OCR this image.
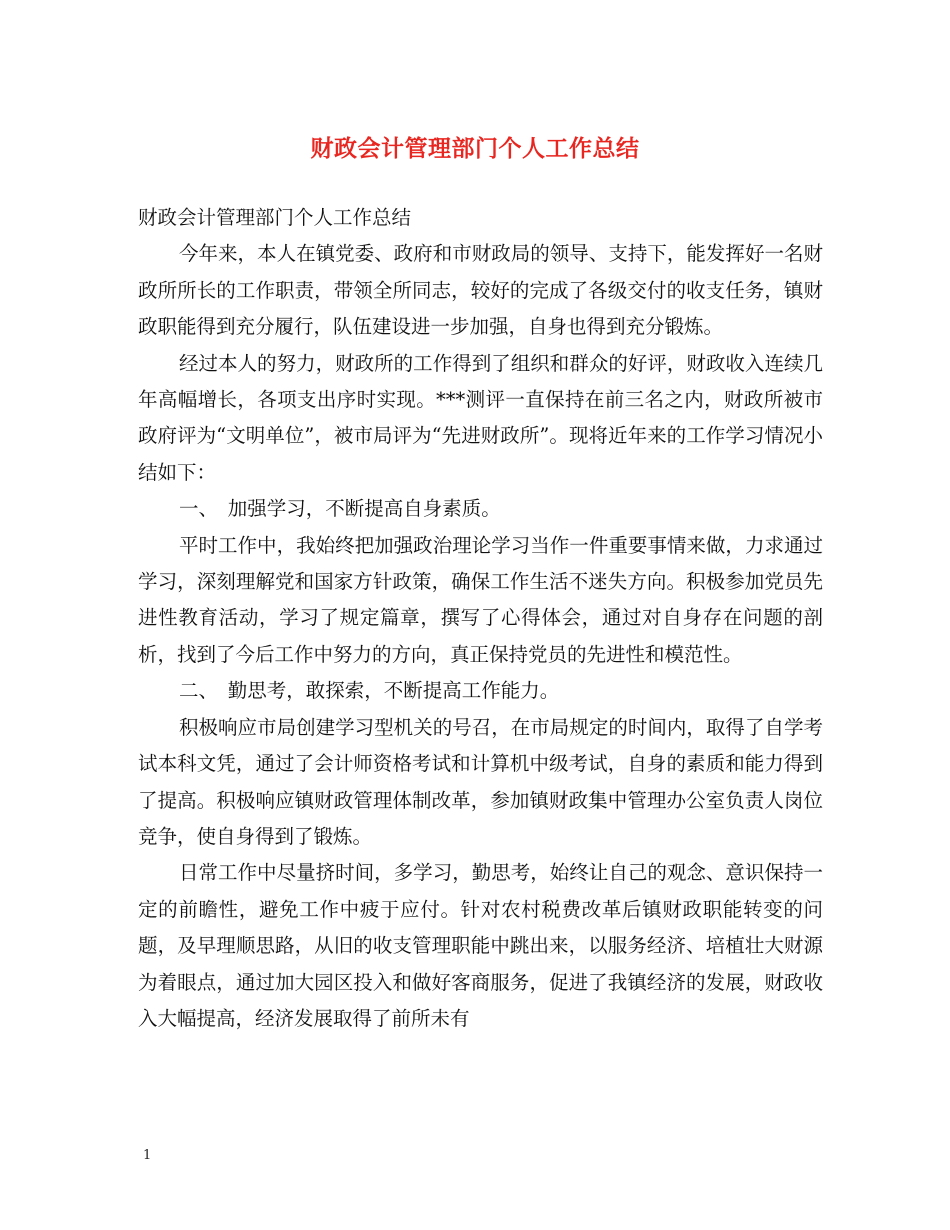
财政会计管理部门个人工作总结

财政会计管理部门个人工作总结

今年来，本人在镇党委、政府和市财政局的领导、支持下，能发挥好一名财政所所长的工作职责，带领全所同志，较好的完成了各级交付的收支任务，镇财政职能得到充分履行，队伍建设进一步加强，自身也得到充分锻炼。

经过本人的努力，财政所的工作得到了组织和群众的好评，财政收入连续几年高幅增长，各项支出序时实现。***测评一直保持在前三名之内，财政所被市政府评为“文明单位”，被市局评为“先进财政所”。现将近年来的工作学习情况小结如下：

一、　加强学习，不断提高自身素质。

平时工作中，我始终把加强政治理论学习当作一件重要事情来做，力求通过学习，深刻理解党和国家方针政策，确保工作生活不迷失方向。积极参加党员先进性教育活动，学习了规定篇章，撰写了心得体会，通过对自身存在问题的剖析，找到了今后工作中努力的方向，真正保持党员的先进性和模范性。

二、　勤思考，敢探索，不断提高工作能力。

积极响应市局创建学习型机关的号召，在市局规定的时间内，取得了自学考试本科文凭，通过了会计师资格考试和计算机中级考试，自身的素质和能力得到了提高。积极响应镇财政管理体制改革，参加镇财政集中管理办公室负责人岗位竞争，使自身得到了锻炼。

日常工作中尽量挤时间，多学习，勤思考，始终让自己的观念、意识保持一定的前瞻性，避免工作中疲于应付。针对农村税费改革后镇财政职能转变的问题，及早理顺思路，从旧的收支管理职能中跳出来，以服务经济、培植壮大财源为着眼点，通过加大园区投入和做好客商服务，促进了我镇经济的发展，财政收入大幅提高，经济发展取得了前所未有

1
